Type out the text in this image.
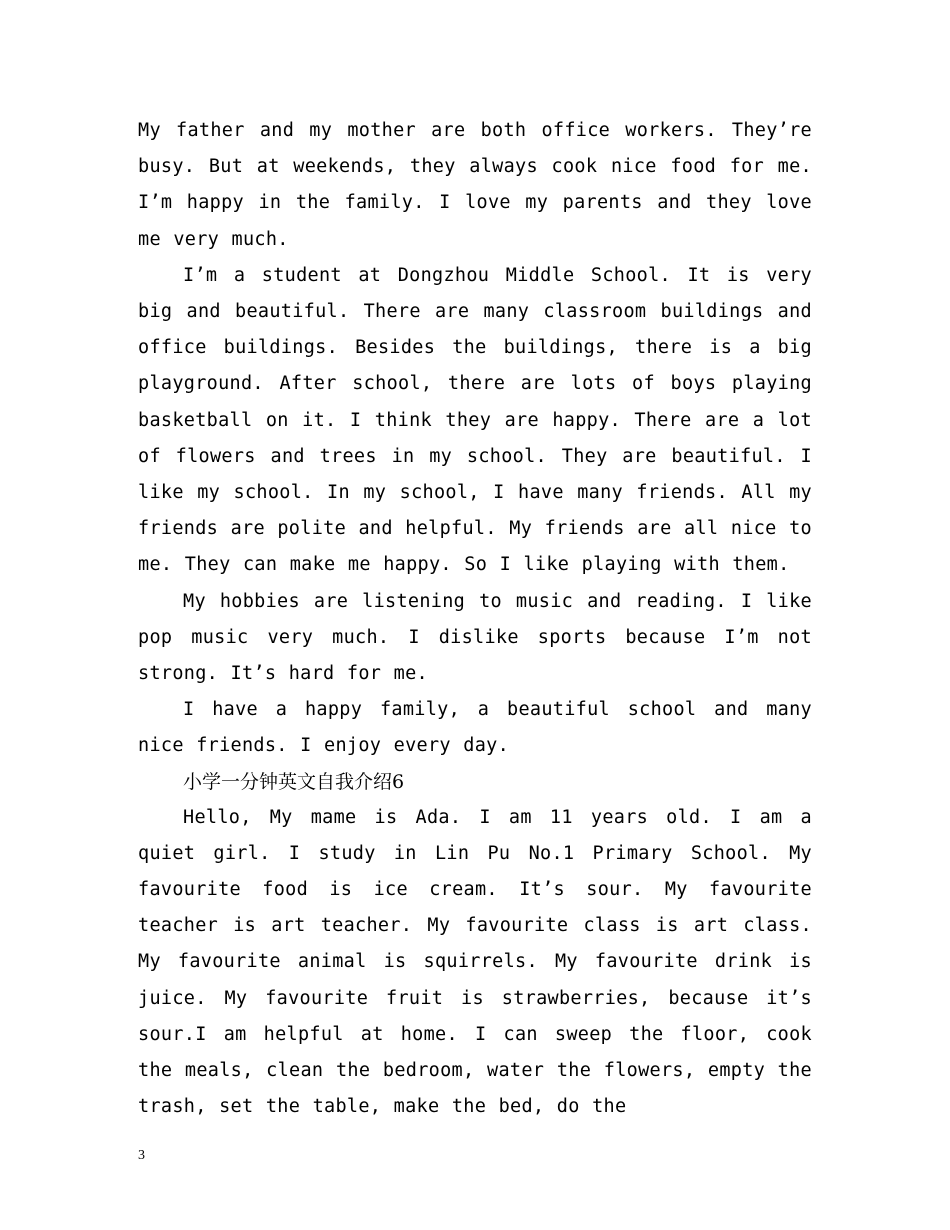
My father and my mother are both office workers. They’re busy. But at weekends, they always cook nice food for me. I’m happy in the family. I love my parents and they love me very much.

I’m a student at Dongzhou Middle School. It is very big and beautiful. There are many classroom buildings and office buildings. Besides the buildings, there is a big playground. After school, there are lots of boys playing basketball on it. I think they are happy. There are a lot of flowers and trees in my school. They are beautiful. I like my school. In my school, I have many friends. All my friends are polite and helpful. My friends are all nice to me. They can make me happy. So I like playing with them.

My hobbies are listening to music and reading. I like pop music very much. I dislike sports because I’m not strong. It’s hard for me.

I have a happy family, a beautiful school and many nice friends. I enjoy every day.

小学一分钟英文自我介绍6

Hello, My mame is Ada. I am 11 years old. I am a quiet girl. I study in Lin Pu No.1 Primary School. My favourite food is ice cream. It’s sour. My favourite teacher is art teacher. My favourite class is art class. My favourite animal is squirrels. My favourite drink is juice. My favourite fruit is strawberries, because it’s sour.I am helpful at home. I can sweep the floor, cook the meals, clean the bedroom, water the flowers, empty the trash, set the table, make the bed, do the

3
